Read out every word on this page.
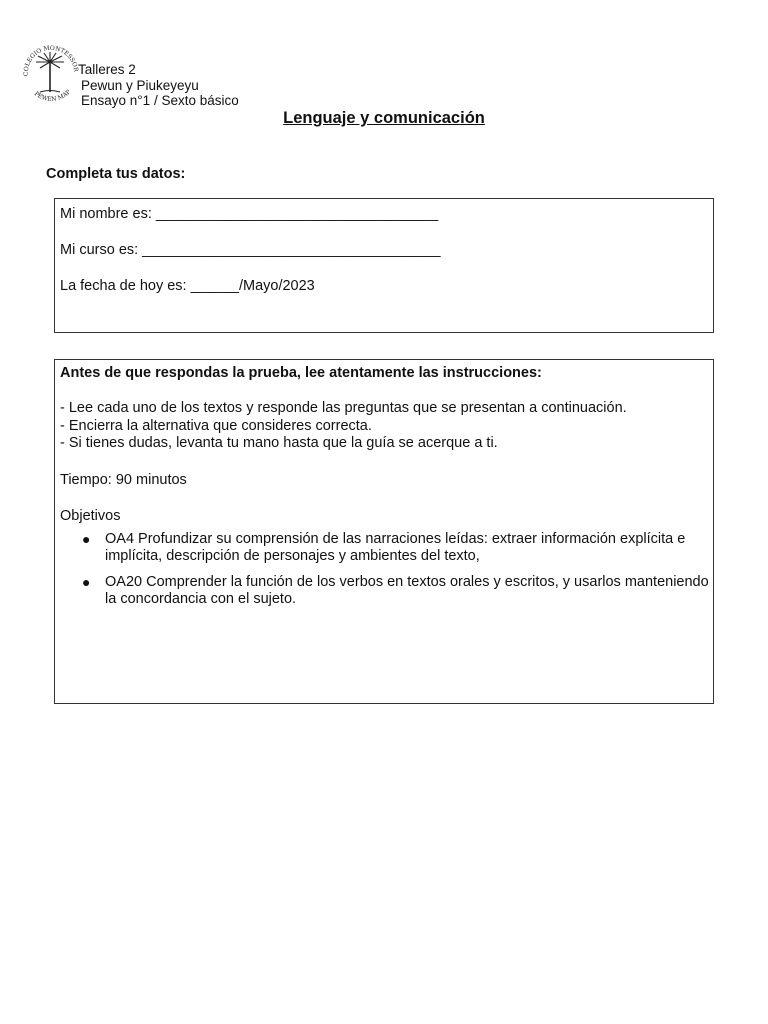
COLEGIO MONTESSOR
PEWEN MAP
Talleres 2
Pewun y Piukeyeyu
Ensayo n°1 / Sexto básico
Lenguaje y comunicación
Completa tus datos:
Mi nombre es: ___________________________________
Mi curso es: _____________________________________
La fecha de hoy es: ______/Mayo/2023
Antes de que respondas la prueba, lee atentamente las instrucciones:
- Lee cada uno de los textos y responde las preguntas que se presentan a continuación.
- Encierra la alternativa que consideres correcta.
- Si tienes dudas, levanta tu mano hasta que la guía se acerque a ti.
Tiempo: 90 minutos
Objetivos
● OA4 Profundizar su comprensión de las narraciones leídas: extraer información explícita e implícita, descripción de personajes y ambientes del texto,
● OA20 Comprender la función de los verbos en textos orales y escritos, y usarlos manteniendo la concordancia con el sujeto.
